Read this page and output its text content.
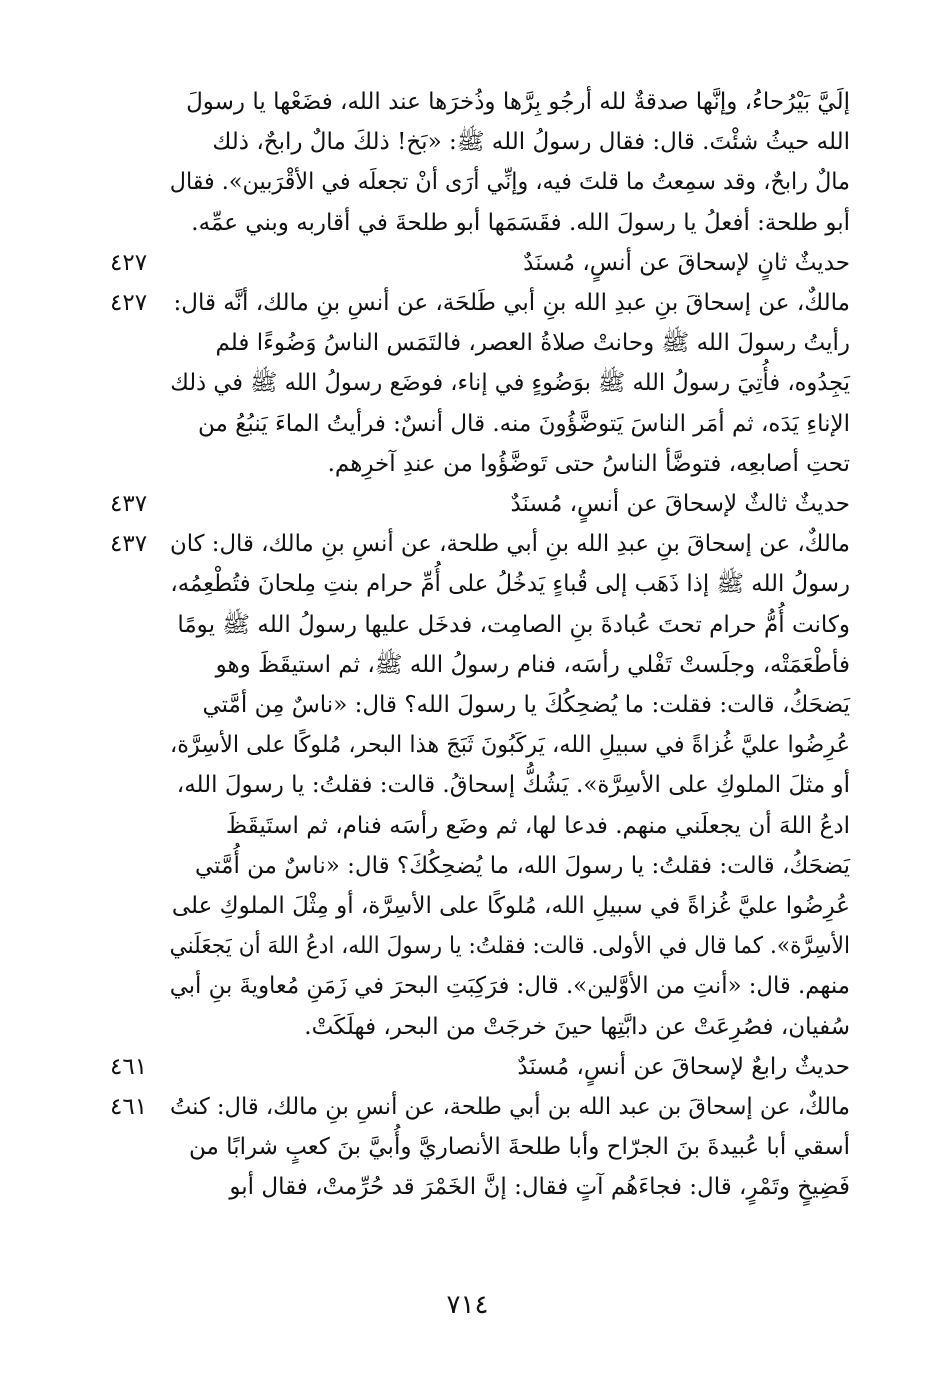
إلَيَّ بَيْرُحاءُ، وإنَّها صدقةٌ لله أرجُو بِرَّها وذُخرَها عند الله، فضَعْها يا رسولَ
الله حيثُ شئْتَ. قال: فقال رسولُ الله ﷺ: «بَخ! ذلكَ مالٌ رابحٌ، ذلك
مالٌ رابحٌ، وقد سمِعتُ ما قلتَ فيه، وإنِّي أرَى أنْ تجعلَه في الأقْرَبين». فقال
أبو طلحة: أفعلُ يا رسولَ الله. فقَسَمَها أبو طلحةَ في أقاربه وبني عمِّه.
حديثٌ ثانٍ لإسحاقَ عن أنسٍ، مُسنَدٌ
٤٢٧
مالكٌ، عن إسحاقَ بنِ عبدِ الله بنِ أبي طَلحَة، عن أنسِ بنِ مالك، أنَّه قال:
رأيتُ رسولَ الله ﷺ وحانتْ صلاةُ العصر، فالتَمَس الناسُ وَضُوءًا فلم
يَجِدُوه، فأُتِيَ رسولُ الله ﷺ بوَضُوءٍ في إناء، فوضَع رسولُ الله ﷺ في ذلك
الإناءِ يَدَه، ثم أمَر الناسَ يَتوضَّؤُونَ منه. قال أنسٌ: فرأيتُ الماءَ يَنبُعُ من
تحتِ أصابعِه، فتوضَّأ الناسُ حتى تَوضَّؤُوا من عندِ آخرِهم.
٤٢٧
حديثٌ ثالثٌ لإسحاقَ عن أنسٍ، مُسنَدٌ
٤٣٧
مالكٌ، عن إسحاقَ بنِ عبدِ الله بنِ أبي طلحة، عن أنسِ بنِ مالك، قال: كان
رسولُ الله ﷺ إذا ذَهَب إلى قُباءٍ يَدخُلُ على أُمِّ حرام بنتِ مِلحانَ فتُطْعِمُه،
وكانت أُمُّ حرام تحتَ عُبادةَ بنِ الصامِت، فدخَل عليها رسولُ الله ﷺ يومًا
فأطْعَمَتْه، وجلَستْ تَفْلي رأسَه، فنام رسولُ الله ﷺ، ثم استيقَظَ وهو
يَضحَكُ، قالت: فقلت: ما يُضحِكُكَ يا رسولَ الله؟ قال: «ناسٌ مِن أمَّتي
عُرِضُوا عليَّ غُزاةً في سبيلِ الله، يَركَبُونَ ثَبَجَ هذا البحر، مُلوكًا على الأسِرَّة،
أو مثلَ الملوكِ على الأسِرَّة». يَشُكُّ إسحاقُ. قالت: فقلتُ: يا رسولَ الله،
ادعُ اللهَ أن يجعلَني منهم. فدعا لها، ثم وضَع رأسَه فنام، ثم استَيقَظَ
يَضحَكُ، قالت: فقلتُ: يا رسولَ الله، ما يُضحِكُكَ؟ قال: «ناسٌ من أُمَّتي
عُرِضُوا عليَّ غُزاةً في سبيلِ الله، مُلوكًا على الأسِرَّة، أو مِثْلَ الملوكِ على
الأسِرَّة». كما قال في الأولى. قالت: فقلتُ: يا رسولَ الله، ادعُ اللهَ أن يَجعَلَني
منهم. قال: «أنتِ من الأوَّلين». قال: فرَكِبَتِ البحرَ في زَمَنِ مُعاويةَ بنِ أبي
سُفيان، فصُرِعَتْ عن دابَّتِها حينَ خرجَتْ من البحر، فهلَكَتْ.
٤٣٧
حديثٌ رابعٌ لإسحاقَ عن أنسٍ، مُسنَدٌ
٤٦١
مالكٌ، عن إسحاقَ بن عبد الله بن أبي طلحة، عن أنسِ بنِ مالك، قال: كنتُ
أسقي أبا عُبيدةَ بنَ الجرّاح وأبا طلحةَ الأنصاريَّ وأُبيَّ بنَ كعبٍ شرابًا من
فَضِيخٍ وتَمْرٍ، قال: فجاءَهُم آتٍ فقال: إنَّ الخَمْرَ قد حُرِّمتْ، فقال أبو
٤٦١
٧١٤
